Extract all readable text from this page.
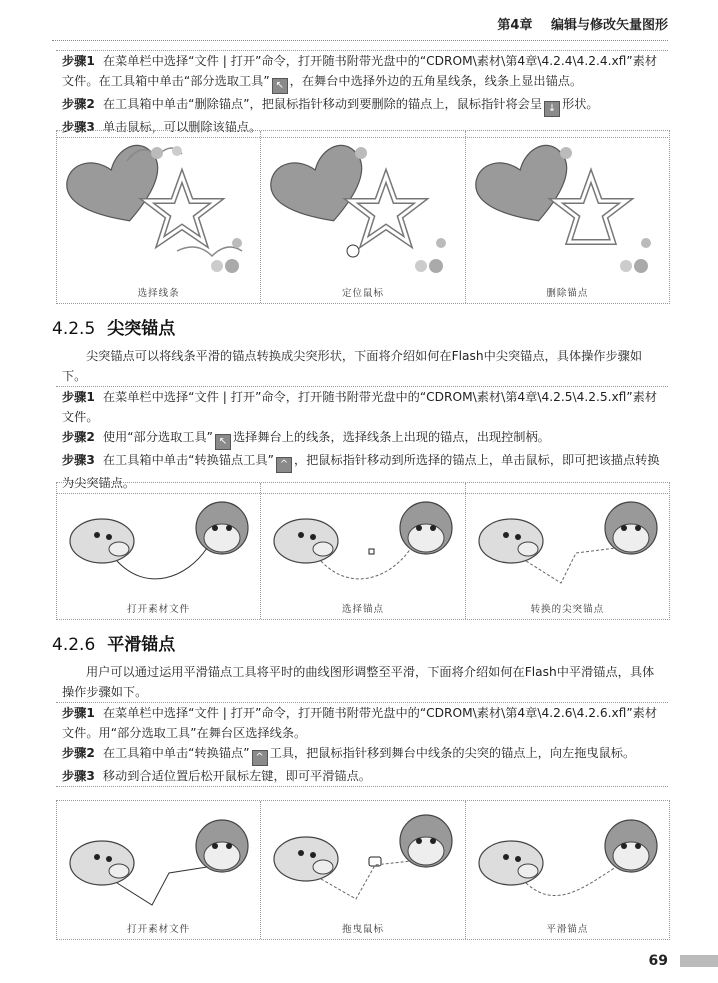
第4章 编辑与修改矢量图形

步骤1 在菜单栏中选择“文件 | 打开”命令，打开随书附带光盘中的“CDROM\素材\第4章\4.2.4\4.2.4.xfl”素材文件。在工具箱中单击“部分选取工具” ↖ ，在舞台中选择外边的五角星线条，线条上显出锚点。

步骤2 在工具箱中单击“删除锚点”，把鼠标指针移动到要删除的锚点上，鼠标指针将会呈 ↓ 形状。

步骤3 单击鼠标，可以删除该锚点。

选择线条	定位鼠标	删除锚点
4.2.5 尖突锚点

尖突锚点可以将线条平滑的锚点转换成尖突形状，下面将介绍如何在Flash中尖突锚点，具体操作步骤如下。

步骤1 在菜单栏中选择“文件 | 打开”命令，打开随书附带光盘中的“CDROM\素材\第4章\4.2.5\4.2.5.xfl”素材文件。

步骤2 使用“部分选取工具” ↖ 选择舞台上的线条，选择线条上出现的锚点，出现控制柄。

步骤3 在工具箱中单击“转换锚点工具” ^ ，把鼠标指针移动到所选择的锚点上，单击鼠标，即可把该描点转换为尖突锚点。

打开素材文件	选择锚点	转换的尖突锚点
4.2.6 平滑锚点

用户可以通过运用平滑锚点工具将平时的曲线图形调整至平滑，下面将介绍如何在Flash中平滑锚点，具体操作步骤如下。

步骤1 在菜单栏中选择“文件 | 打开”命令，打开随书附带光盘中的“CDROM\素材\第4章\4.2.6\4.2.6.xfl”素材文件。用“部分选取工具”在舞台区选择线条。

步骤2 在工具箱中单击“转换锚点” ^ 工具，把鼠标指针移到舞台中线条的尖突的锚点上，向左拖曳鼠标。

步骤3 移动到合适位置后松开鼠标左键，即可平滑锚点。

打开素材文件	拖曳鼠标	平滑锚点
69
